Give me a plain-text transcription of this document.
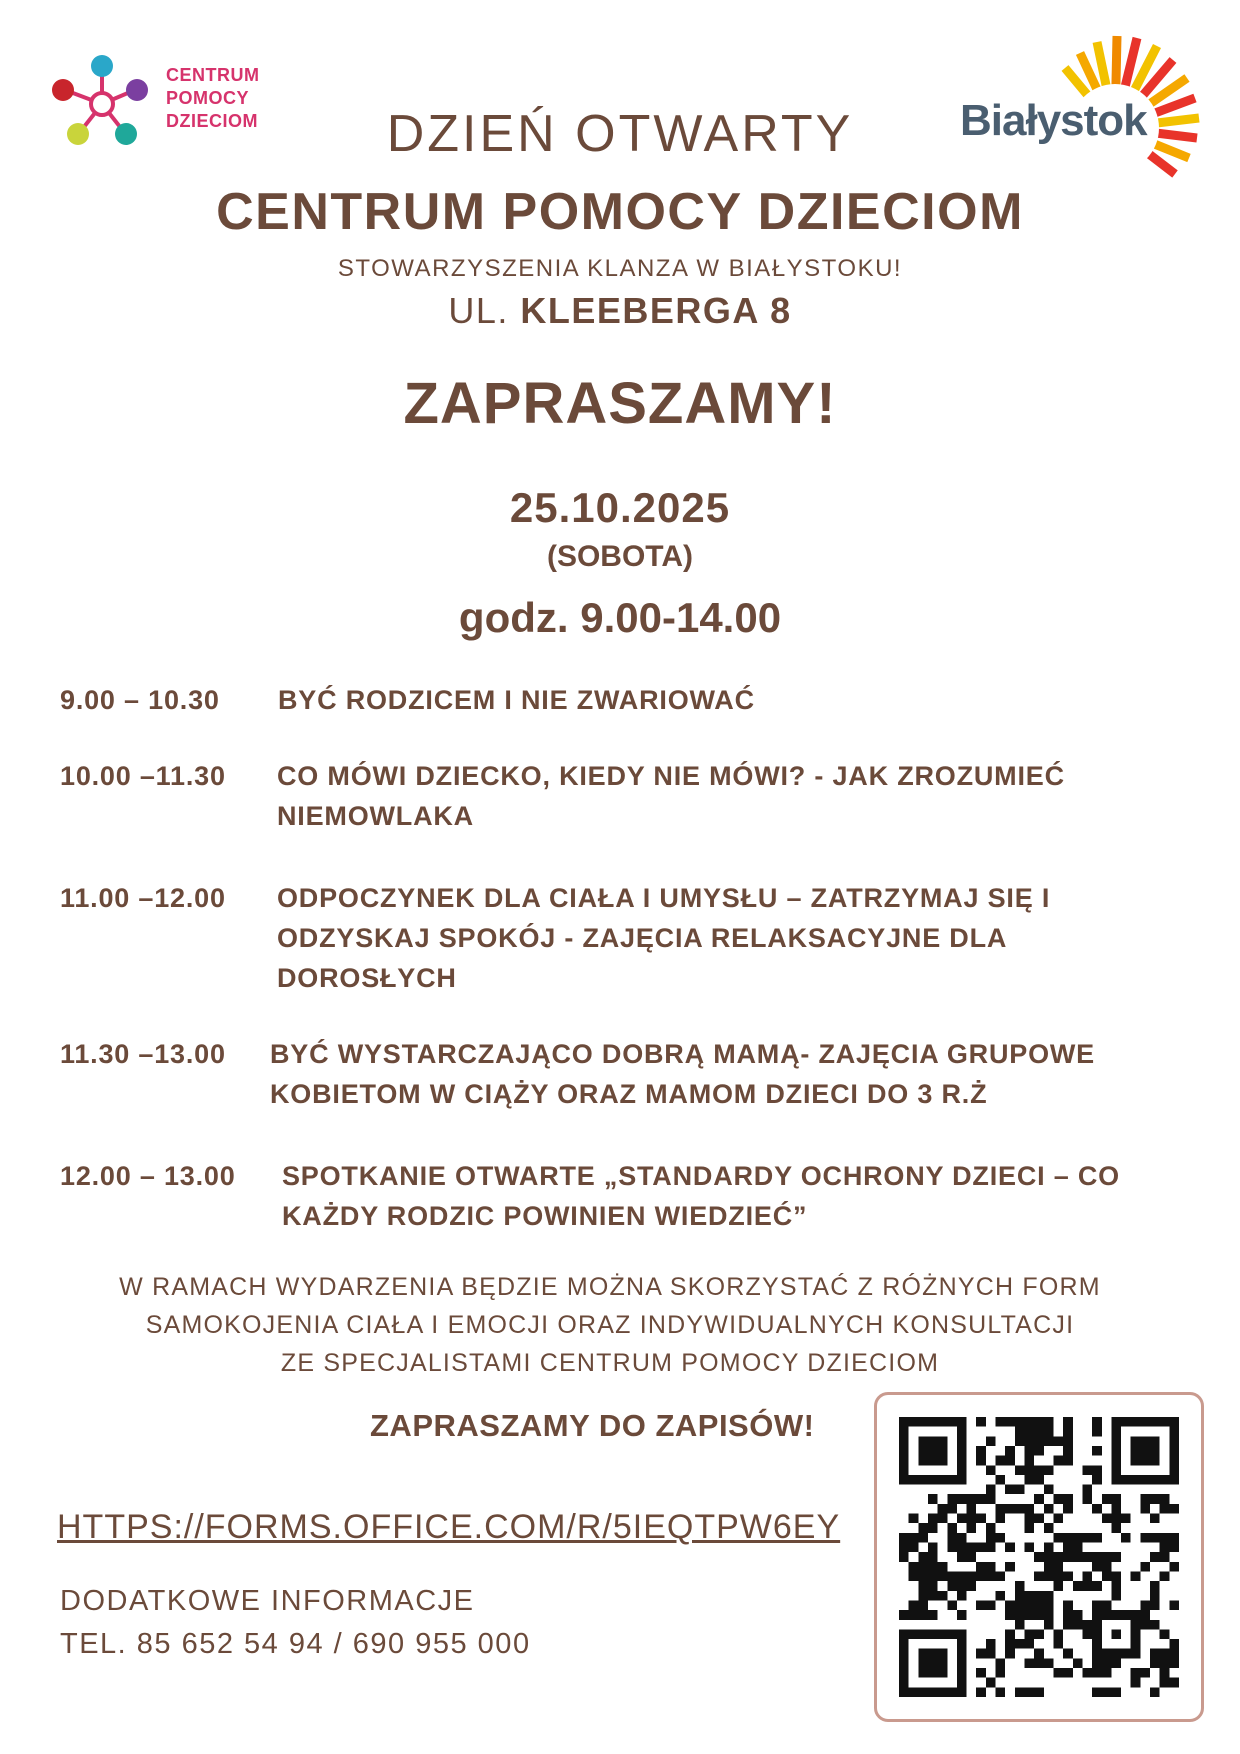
CENTRUM
POMOCY
DZIECIOM	Białystok
DZIEŃ OTWARTY
CENTRUM POMOCY DZIECIOM
STOWARZYSZENIA KLANZA W BIAŁYSTOKU!
UL. KLEEBERGA 8
ZAPRASZAMY!
25.10.2025
(SOBOTA)
godz. 9.00-14.00
9.00 – 10.30 BYĆ RODZICEM I NIE ZWARIOWAĆ
10.00 –11.30 CO MÓWI DZIECKO, KIEDY NIE MÓWI? - JAK ZROZUMIEĆ NIEMOWLAKA
11.00 –12.00 ODPOCZYNEK DLA CIAŁA I UMYSŁU – ZATRZYMAJ SIĘ I ODZYSKAJ SPOKÓJ - ZAJĘCIA RELAKSACYJNE DLA DOROSŁYCH
11.30 –13.00 BYĆ WYSTARCZAJĄCO DOBRĄ MAMĄ- ZAJĘCIA GRUPOWE KOBIETOM W CIĄŻY ORAZ MAMOM DZIECI DO 3 R.Ż
12.00 – 13.00 SPOTKANIE OTWARTE „STANDARDY OCHRONY DZIECI – CO KAŻDY RODZIC POWINIEN WIEDZIEĆ”
W RAMACH WYDARZENIA BĘDZIE MOŻNA SKORZYSTAĆ Z RÓŻNYCH FORM
SAMOKOJENIA CIAŁA I EMOCJI ORAZ INDYWIDUALNYCH KONSULTACJI
ZE SPECJALISTAMI CENTRUM POMOCY DZIECIOM
ZAPRASZAMY DO ZAPISÓW!
HTTPS://FORMS.OFFICE.COM/R/5IEQTPW6EY
DODATKOWE INFORMACJE
TEL. 85 652 54 94 / 690 955 000
